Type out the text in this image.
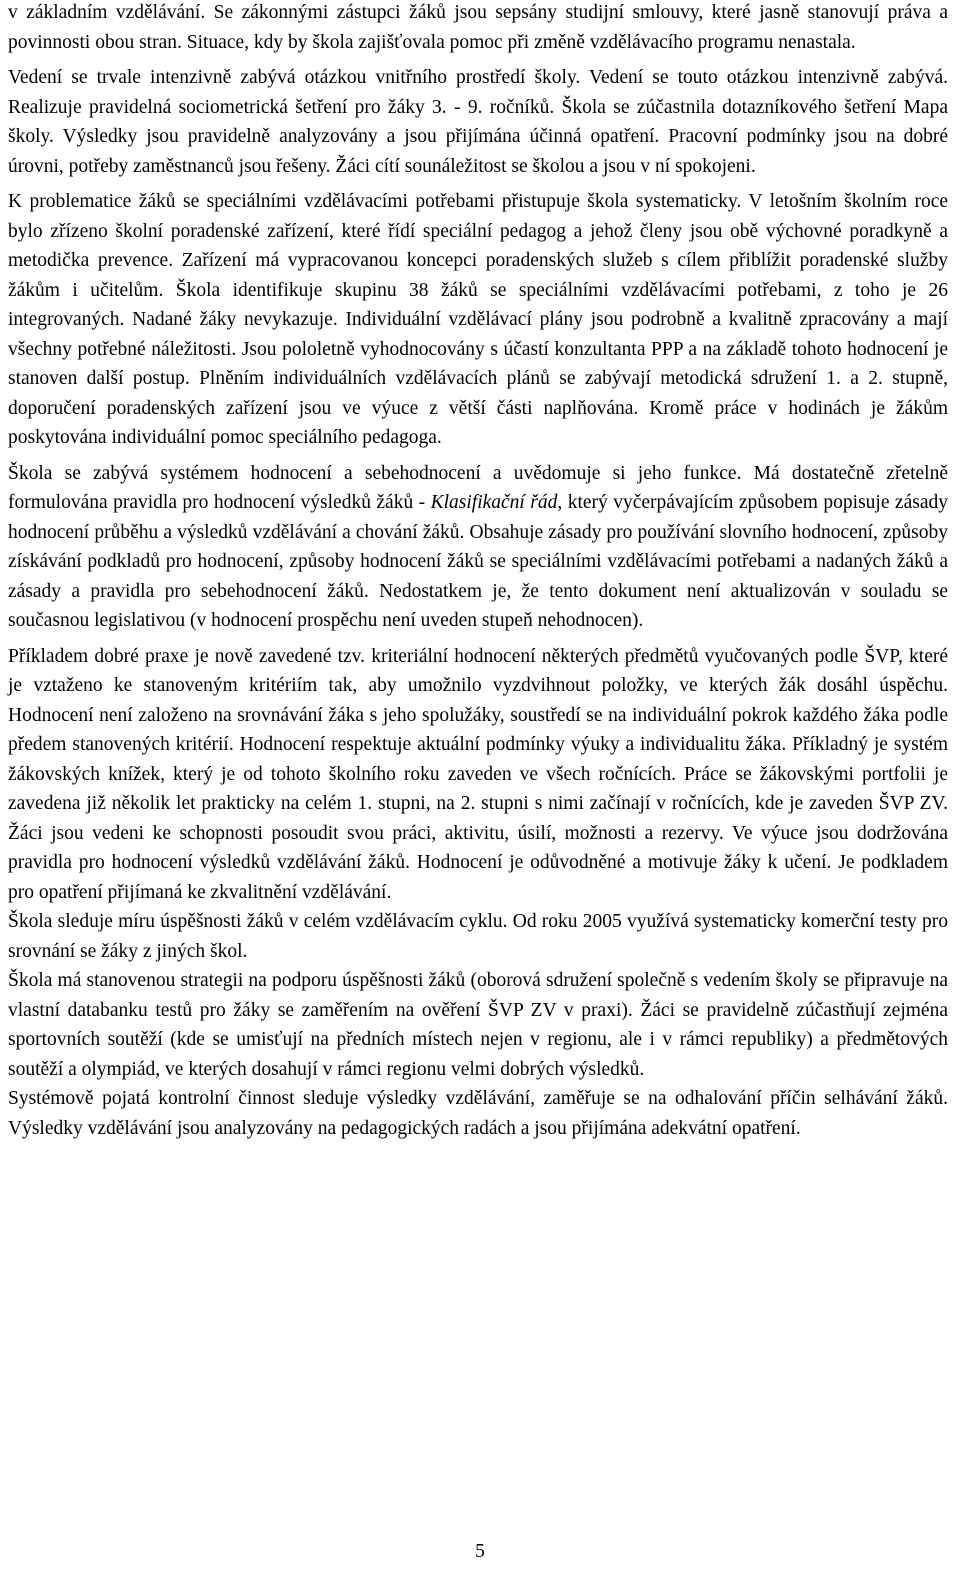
v základním vzdělávání. Se zákonnými zástupci žáků jsou sepsány studijní smlouvy, které jasně stanovují práva a povinnosti obou stran. Situace, kdy by škola zajišťovala pomoc při změně vzdělávacího programu nenastala.

Vedení se trvale intenzivně zabývá otázkou vnitřního prostředí školy. Vedení se touto otázkou intenzivně zabývá. Realizuje pravidelná sociometrická šetření pro žáky 3. - 9. ročníků. Škola se zúčastnila dotazníkového šetření Mapa školy. Výsledky jsou pravidelně analyzovány a jsou přijímána účinná opatření. Pracovní podmínky jsou na dobré úrovni, potřeby zaměstnanců jsou řešeny. Žáci cítí sounáležitost se školou a jsou v ní spokojeni.

K problematice žáků se speciálními vzdělávacími potřebami přistupuje škola systematicky. V letošním školním roce bylo zřízeno školní poradenské zařízení, které řídí speciální pedagog a jehož členy jsou obě výchovné poradkyně a metodička prevence. Zařízení má vypracovanou koncepci poradenských služeb s cílem přiblížit poradenské služby žákům i učitelům. Škola identifikuje skupinu 38 žáků se speciálními vzdělávacími potřebami, z toho je 26 integrovaných. Nadané žáky nevykazuje. Individuální vzdělávací plány jsou podrobně a kvalitně zpracovány a mají všechny potřebné náležitosti. Jsou pololetně vyhodnocovány s účastí konzultanta PPP a na základě tohoto hodnocení je stanoven další postup. Plněním individuálních vzdělávacích plánů se zabývají metodická sdružení 1. a 2. stupně, doporučení poradenských zařízení jsou ve výuce z větší části naplňována. Kromě práce v hodinách je žákům poskytována individuální pomoc speciálního pedagoga.

Škola se zabývá systémem hodnocení a sebehodnocení a uvědomuje si jeho funkce. Má dostatečně zřetelně formulována pravidla pro hodnocení výsledků žáků - Klasifikační řád, který vyčerpávajícím způsobem popisuje zásady hodnocení průběhu a výsledků vzdělávání a chování žáků. Obsahuje zásady pro používání slovního hodnocení, způsoby získávání podkladů pro hodnocení, způsoby hodnocení žáků se speciálními vzdělávacími potřebami a nadaných žáků a zásady a pravidla pro sebehodnocení žáků. Nedostatkem je, že tento dokument není aktualizován v souladu se současnou legislativou (v hodnocení prospěchu není uveden stupeň nehodnocen).

Příkladem dobré praxe je nově zavedené tzv. kriteriální hodnocení některých předmětů vyučovaných podle ŠVP, které je vztaženo ke stanoveným kritériím tak, aby umožnilo vyzdvihnout položky, ve kterých žák dosáhl úspěchu. Hodnocení není založeno na srovnávání žáka s jeho spolužáky, soustředí se na individuální pokrok každého žáka podle předem stanovených kritérií. Hodnocení respektuje aktuální podmínky výuky a individualitu žáka. Příkladný je systém žákovských knížek, který je od tohoto školního roku zaveden ve všech ročnících. Práce se žákovskými portfolii je zavedena již několik let prakticky na celém 1. stupni, na 2. stupni s nimi začínají v ročnících, kde je zaveden ŠVP ZV. Žáci jsou vedeni ke schopnosti posoudit svou práci, aktivitu, úsilí, možnosti a rezervy. Ve výuce jsou dodržována pravidla pro hodnocení výsledků vzdělávání žáků. Hodnocení je odůvodněné a motivuje žáky k učení. Je podkladem pro opatření přijímaná ke zkvalitnění vzdělávání.

Škola sleduje míru úspěšnosti žáků v celém vzdělávacím cyklu. Od roku 2005 využívá systematicky komerční testy pro srovnání se žáky z jiných škol.

Škola má stanovenou strategii na podporu úspěšnosti žáků (oborová sdružení společně s vedením školy se připravuje na vlastní databanku testů pro žáky se zaměřením na ověření ŠVP ZV v praxi). Žáci se pravidelně zúčastňují zejména sportovních soutěží (kde se umisťují na předních místech nejen v regionu, ale i v rámci republiky) a předmětových soutěží a olympiád, ve kterých dosahují v rámci regionu velmi dobrých výsledků.

Systémově pojatá kontrolní činnost sleduje výsledky vzdělávání, zaměřuje se na odhalování příčin selhávání žáků. Výsledky vzdělávání jsou analyzovány na pedagogických radách a jsou přijímána adekvátní opatření.

5
